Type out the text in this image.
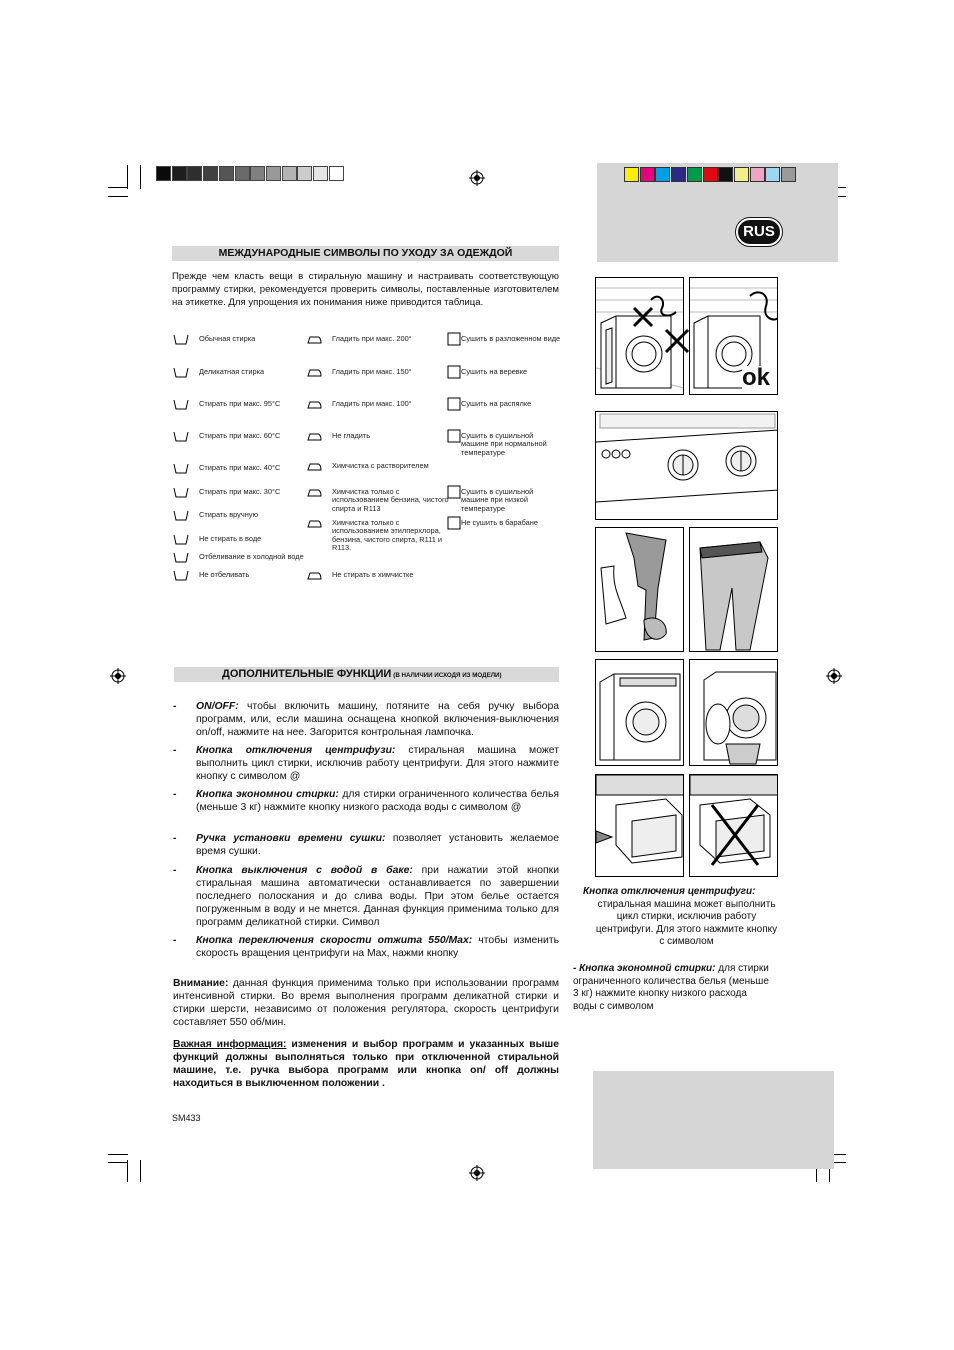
RUS
МЕЖДУНАРОДНЫЕ СИМВОЛЫ ПО УХОДУ ЗА ОДЕЖДОЙ
Прежде чем класть вещи в стиральную машину и настраивать соответствующую программу стирки, рекомендуется проверить символы, поставленные изготовителем на этикетке. Для упрощения их понимания ниже приводится таблица.
Обычная стирка
Деликатная стирка
Стирать при макс. 95°С
Стирать при макс. 60°С
Стирать при макс. 40°С
Стирать при макс. 30°С
Стирать вручную
Не стирать в воде
Отбеливание в холодной воде
Не отбеливать
Гладить при макс. 200°
Гладить при макс. 150°
Гладить при макс. 100°
Не гладить
Химчистка с растворителем
Химчистка только с использованием бензина, чистого спирта и R113
Химчистка только с использованием этилперхлора, бензина, чистого спирта, R111 и R113.
Не стирать в химчистке
Сушить в разложенном виде
Сушить на веревке
Сушить на распялке
Сушить в сушильной машине при нормальной температуре
Сушить в сушильной машине при низкой температуре
Не сушить в барабане
ДОПОЛНИТЕЛЬНЫЕ ФУНКЦИИ (В НАЛИЧИИ ИСХОДЯ ИЗ МОДЕЛИ)
- ON/OFF: чтобы включить машину, потяните на себя ручку выбора программ, или, если машина оснащена кнопкой включения-выключения on/off, нажмите на нее. Загорится контрольная лампочка.
- Кнопка отключения центрифузи: стиральная машина может выполнить цикл стирки, исключив работу центрифуги. Для этого нажмите кнопку с символом @
- Кнопка экономнои стирки: для стирки ограниченного количества белья (меньше 3 кг) нажмите кнопку низкого расхода воды с символом @
- Ручка установки времени сушки: позволяет установить желаемое время сушки.
- Кнопка выключения с водой в баке: при нажатии этой кнопки стиральная машина автоматически останавливается по завершении последнего полоскания и до слива воды. При этом белье остается погруженным в воду и не мнется. Данная функция применима только для программ деликатной стирки. Символ
- Кнопка переключения скорости отжита 550/Max: чтобы изменить скорость вращения центрифуги на Max, нажми кнопку
Внимание: данная функция применима только при использовании программ интенсивной стирки. Во время выполнения программ деликатной стирки и стирки шерсти, независимо от положения регулятора, скорость центрифуги составляет 550 об/мин.
Важная информация: изменения и выбор программ и указанных выше функций должны выполняться только при отключенной стиральной машине, т.е. ручка выбора программ или кнопка on/ off должны находиться в выключенном положении .
SM433
ok
Кнопка отключения центрифуги:
стиральная машина может выполнить цикл стирки, исключив работу центрифуги. Для этого нажмите кнопку с символом
- Кнопка экономной стирки: для стирки ограниченного количества белья (меньше 3 кг) нажмите кнопку низкого расхода воды с символом
